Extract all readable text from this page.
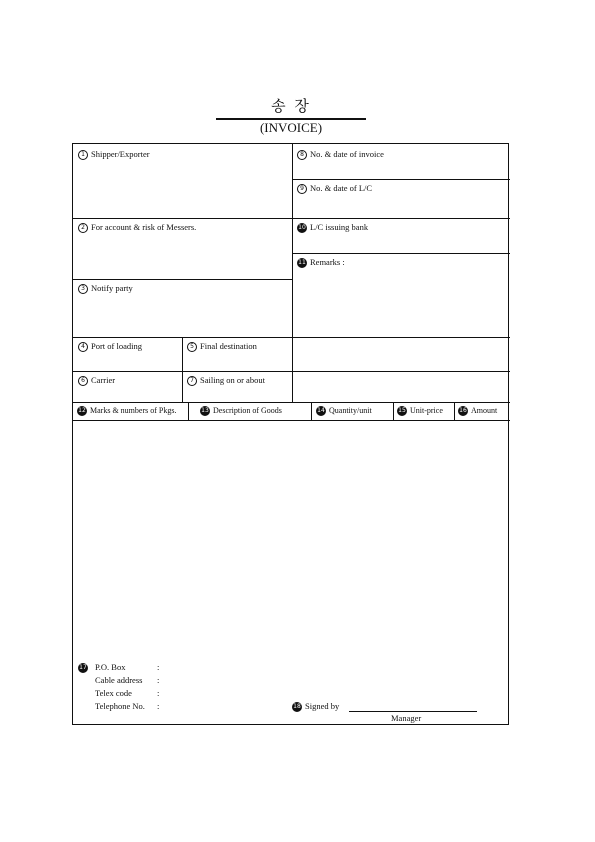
송 장
(INVOICE)
1 Shipper/Exporter	8 No. & date of invoice
9 No. & date of L/C
2 For account & risk of Messers.	10 L/C issuing bank
11 Remarks :
3 Notify party
4 Port of loading	5 Final destination
6 Carrier	7 Sailing on or about
12 Marks & numbers of Pkgs.	13 Description of Goods	14 Quantity/unit	15 Unit-price	16 Amount
17 P.O. Box	:
Cable address :
Telex code	:
Telephone No. :	18 Signed by
Manager
